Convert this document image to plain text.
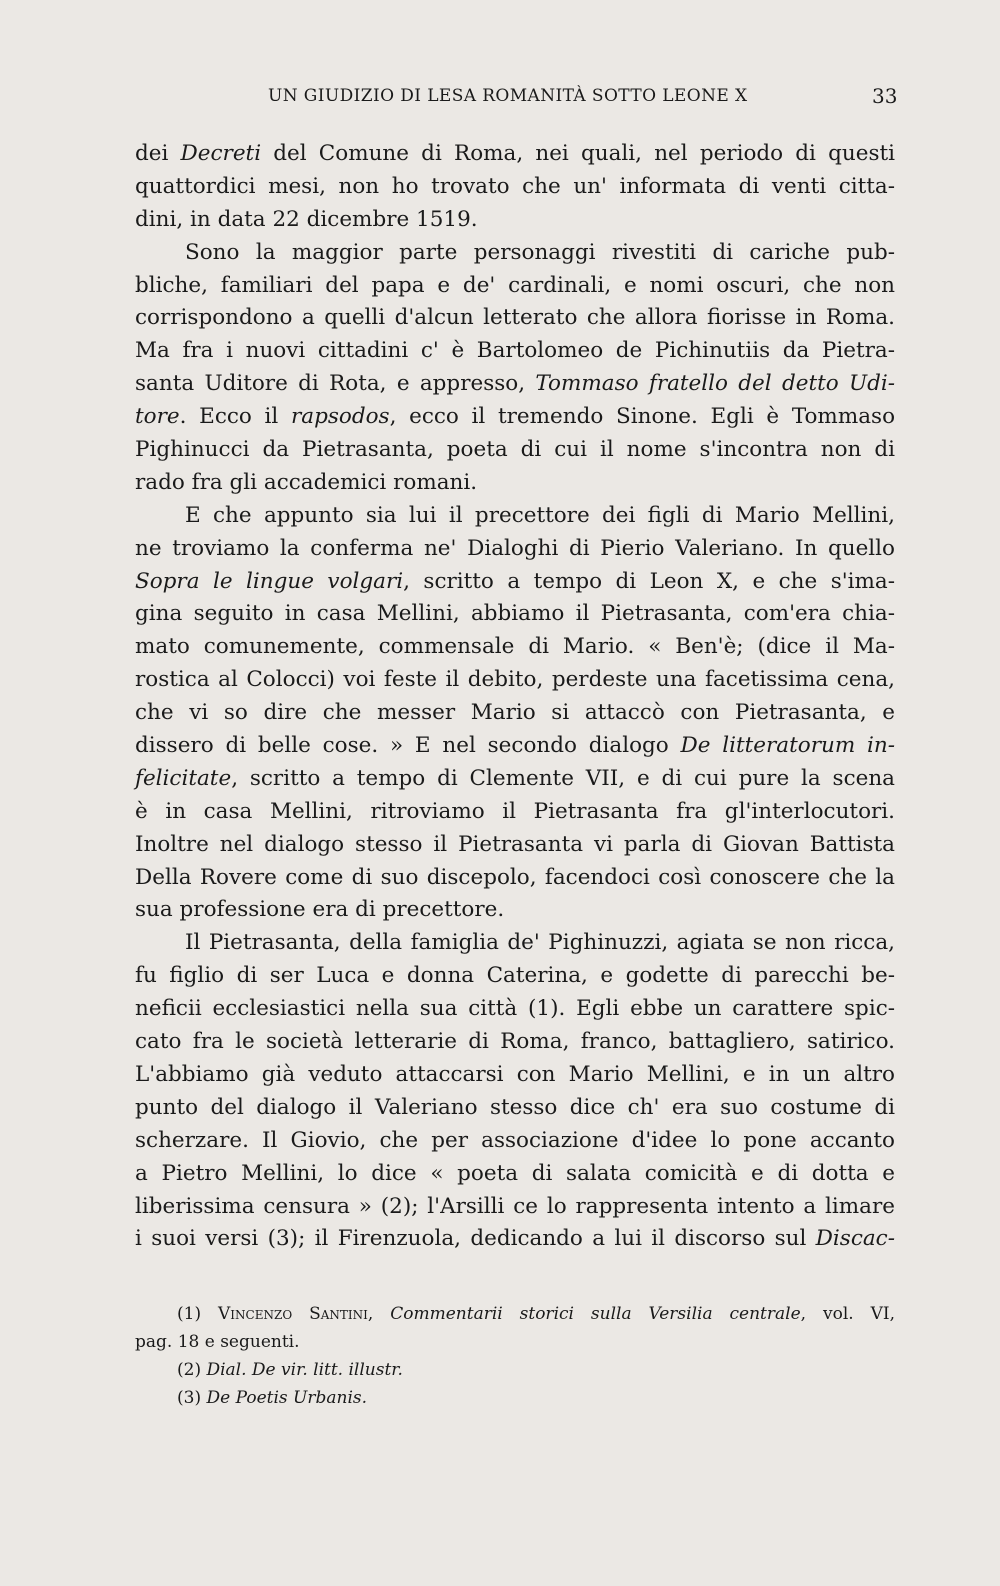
UN GIUDIZIO DI LESA ROMANITÀ SOTTO LEONE X	33
dei Decreti del Comune di Roma, nei quali, nel periodo di questi
quattordici mesi, non ho trovato che un' informata di venti citta-
dini, in data 22 dicembre 1519.
Sono la maggior parte personaggi rivestiti di cariche pub-
bliche, familiari del papa e de' cardinali, e nomi oscuri, che non
corrispondono a quelli d'alcun letterato che allora fiorisse in Roma.
Ma fra i nuovi cittadini c' è Bartolomeo de Pichinutiis da Pietra-
santa Uditore di Rota, e appresso, Tommaso fratello del detto Udi-
tore. Ecco il rapsodos, ecco il tremendo Sinone. Egli è Tommaso
Pighinucci da Pietrasanta, poeta di cui il nome s'incontra non di
rado fra gli accademici romani.
E che appunto sia lui il precettore dei figli di Mario Mellini,
ne troviamo la conferma ne' Dialoghi di Pierio Valeriano. In quello
Sopra le lingue volgari, scritto a tempo di Leon X, e che s'ima-
gina seguito in casa Mellini, abbiamo il Pietrasanta, com'era chia-
mato comunemente, commensale di Mario. « Ben'è; (dice il Ma-
rostica al Colocci) voi feste il debito, perdeste una facetissima cena,
che vi so dire che messer Mario si attaccò con Pietrasanta, e
dissero di belle cose. » E nel secondo dialogo De litteratorum in-
felicitate, scritto a tempo di Clemente VII, e di cui pure la scena
è in casa Mellini, ritroviamo il Pietrasanta fra gl'interlocutori.
Inoltre nel dialogo stesso il Pietrasanta vi parla di Giovan Battista
Della Rovere come di suo discepolo, facendoci così conoscere che la
sua professione era di precettore.
Il Pietrasanta, della famiglia de' Pighinuzzi, agiata se non ricca,
fu figlio di ser Luca e donna Caterina, e godette di parecchi be-
neficii ecclesiastici nella sua città (1). Egli ebbe un carattere spic-
cato fra le società letterarie di Roma, franco, battagliero, satirico.
L'abbiamo già veduto attaccarsi con Mario Mellini, e in un altro
punto del dialogo il Valeriano stesso dice ch' era suo costume di
scherzare. Il Giovio, che per associazione d'idee lo pone accanto
a Pietro Mellini, lo dice « poeta di salata comicità e di dotta e
liberissima censura » (2); l'Arsilli ce lo rappresenta intento a limare
i suoi versi (3); il Firenzuola, dedicando a lui il discorso sul Discac-
(1) Vincenzo Santini, Commentarii storici sulla Versilia centrale, vol. VI,
pag. 18 e seguenti.
(2) Dial. De vir. litt. illustr.
(3) De Poetis Urbanis.
